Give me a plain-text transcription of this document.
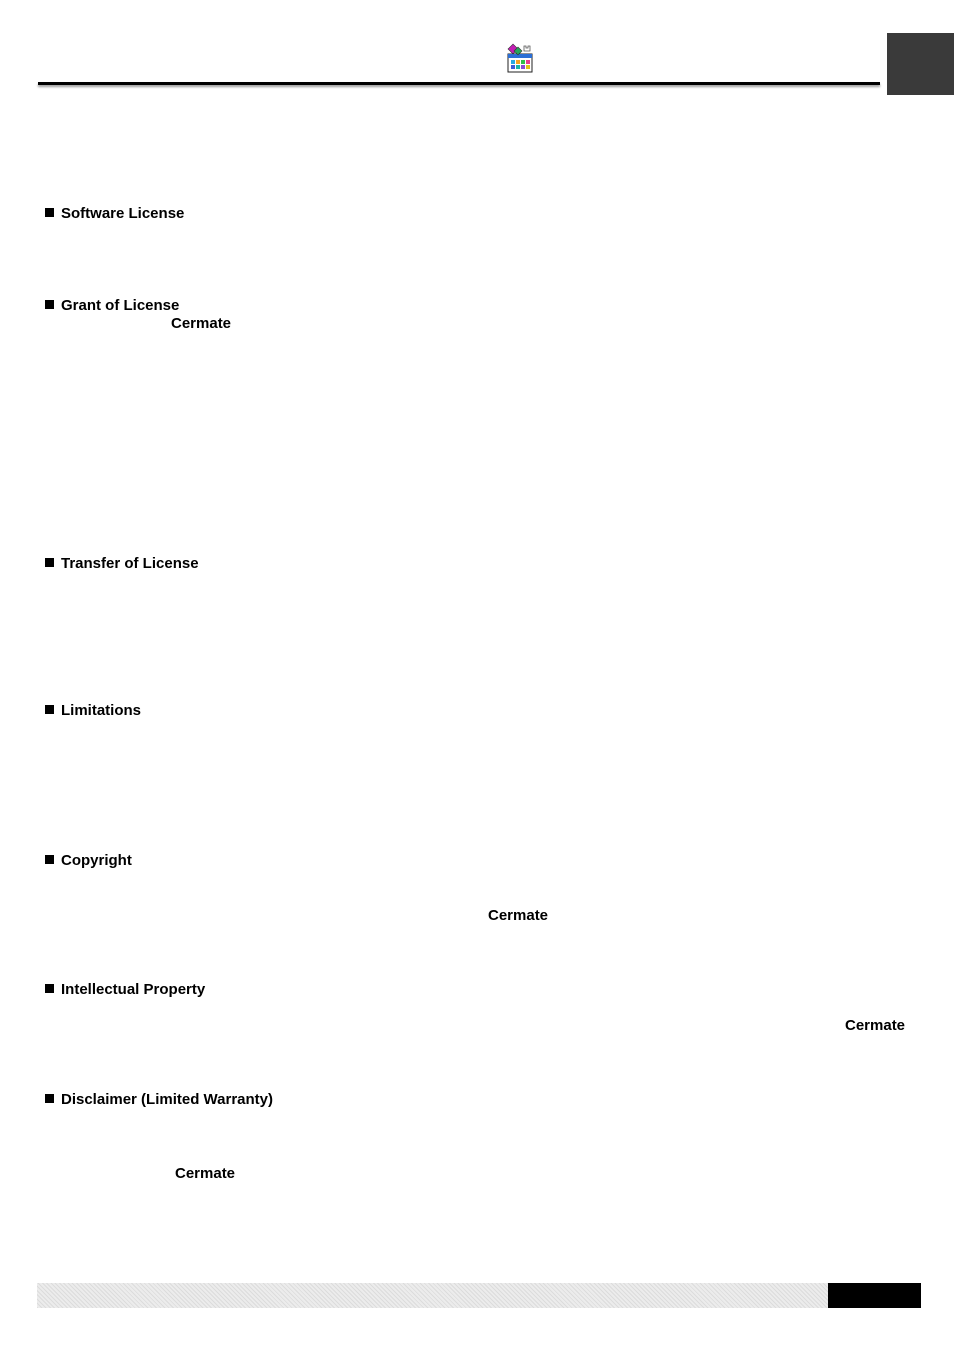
Software License
Grant of License
Cermate
Transfer of License
Limitations
Copyright
Cermate
Intellectual Property
Cermate
Disclaimer (Limited Warranty)
Cermate
